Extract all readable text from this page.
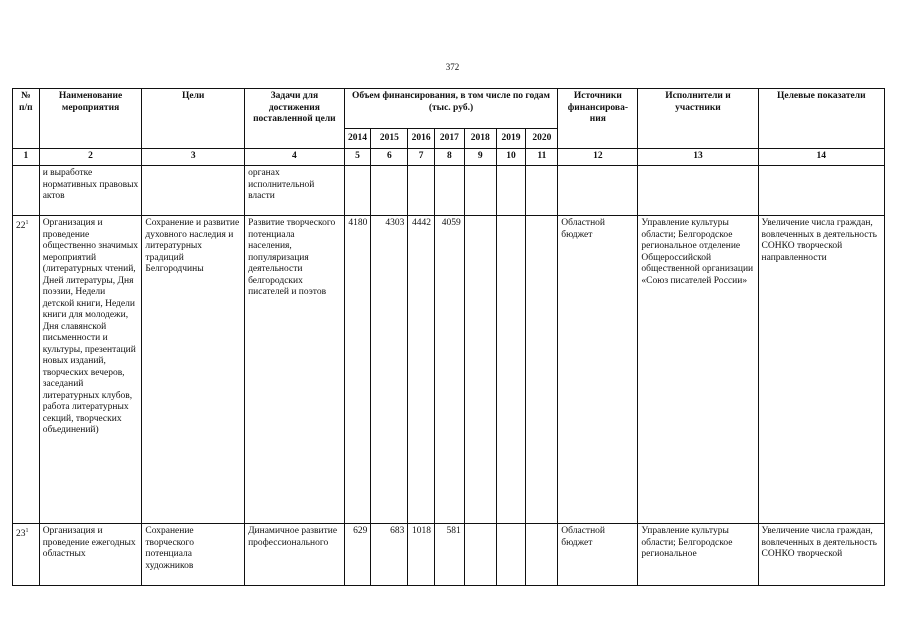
372
№ п/п	Наименование мероприятия	Цели	Задачи для достижения поставленной цели	Объем финансирования, в том числе по годам (тыс. руб.)							Источники финансирова- ния	Исполнители и участники	Целевые показатели
				2014	2015	2016	2017	2018	2019	2020			
1	2	3	4	5	6	7	8	9	10	11	12	13	14
	и выработке нормативных правовых актов		органах исполнительной власти										
$22^1$	Организация и проведение общественно значимых мероприятий (литературных чтений, Дней литературы, Дня поэзии, Недели детской книги, Недели книги для молодежи, Дня славянской письменности и культуры, презентаций новых изданий, творческих вечеров, заседаний литературных клубов, работа литературных секций, творческих объединений)	Сохранение и развитие духовного наследия и литературных традиций Белгородчины	Развитие творческого потенциала населения, популяризация деятельности белгородских писателей и поэтов	4180	4303	4442	4059				Областной бюджет	Управление культуры области; Белгородское региональное отделение Общероссийской общественной организации «Союз писателей России»	Увеличение числа граждан, вовлеченных в деятельность СОНКО творческой направленности
$23^1$	Организация и проведение ежегодных областных	Сохранение творческого потенциала художников	Динамичное развитие профессионального	629	683	1018	581				Областной бюджет	Управление культуры области; Белгородское региональное	Увеличение числа граждан, вовлеченных в деятельность СОНКО творческой
